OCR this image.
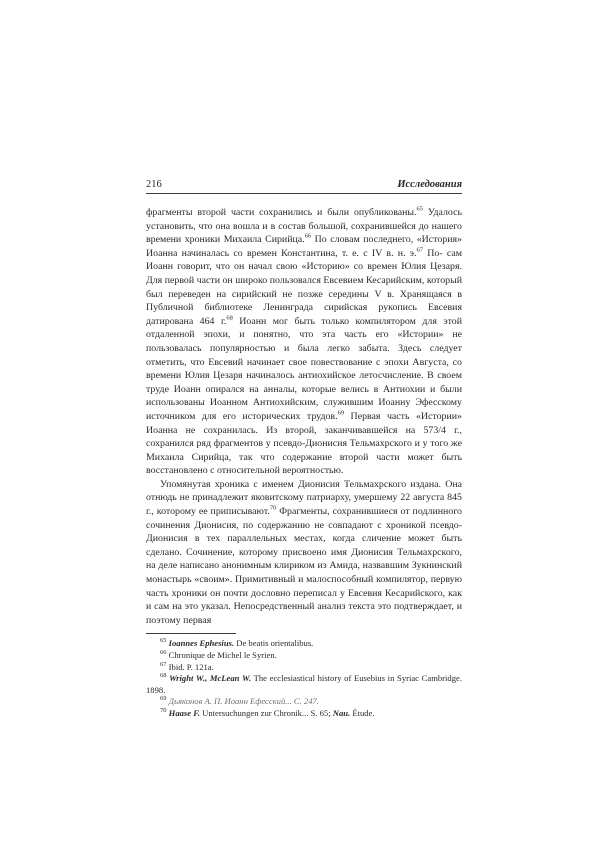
216	Исследования

фрагменты второй части сохранились и были опубликованы.$^{65}$ Удалось установить, что она вошла и в состав большой, сохранившейся до нашего времени хроники Михаила Сирийца.$^{66}$ По словам последнего, «История» Иоанна начиналась со времен Константина, т. е. с IV в. н. э.$^{67}$ По- сам Иоанн говорит, что он начал свою «Историю» со времен Юлия Цезаря. Для первой части он широко пользовался Евсевием Кесарийским, который был переведен на сирийский не позже середины V в. Хранящаяся в Публичной библиотеке Ленинграда сирийская рукопись Евсевия датирована 464 г.$^{68}$ Иоанн мог быть только компилятором для этой отдаленной эпохи, и понятно, что эта часть его «Истории» не пользовалась популярностью и была легко забыта. Здесь следует отметить, что Евсевий начинает свое повествование с эпохи Августа, со времени Юлия Цезаря начиналось антиохийское летосчисление. В своем труде Иоанн опирался на анналы, которые велись в Антиохии и были использованы Иоанном Антиохийским, служившим Иоанну Эфесскому источником для его исторических трудов.$^{69}$ Первая часть «Истории» Иоанна не сохранилась. Из второй, заканчивавшейся на 573/4 г., сохранился ряд фрагментов у псевдо-Дионисия Тельмахрского и у того же Михаила Сирийца, так что содержание второй части может быть восстановлено с относительной вероятностью.

Упомянутая хроника с именем Дионисия Тельмахрского издана. Она отнюдь не принадлежит яковитскому патриарху, умершему 22 августа 845 г., которому ее приписывают.$^{70}$ Фрагменты, сохранившиеся от подлинного сочинения Дионисия, по содержанию не совпадают с хроникой псевдо-Дионисия в тех параллельных местах, когда сличение может быть сделано. Сочинение, которому присвоено имя Дионисия Тельмахрского, на деле написано анонимным клириком из Амида, назвавшим Зукнинский монастырь «своим». Примитивный и малоспособный компилятор, первую часть хроники он почти дословно переписал у Евсевия Кесарийского, как и сам на это указал. Непосредственный анализ текста это подтверждает, и поэтому первая

$^{65}$ Ioannes Ephesius. De beatis orientalibus.

$^{66}$ Chronique de Michel le Syrien.

$^{67}$ Ibid. P. 121a.

$^{68}$ Wright W., McLean W. The ecclesiastical history of Eusebius in Syriac Cambridge. 1898.

$^{69}$ Дьяконов А. П. Иоанн Ефесский... С. 247.

$^{70}$ Haase F. Untersuchungen zur Chronik... S. 65; Nau. Étude.
